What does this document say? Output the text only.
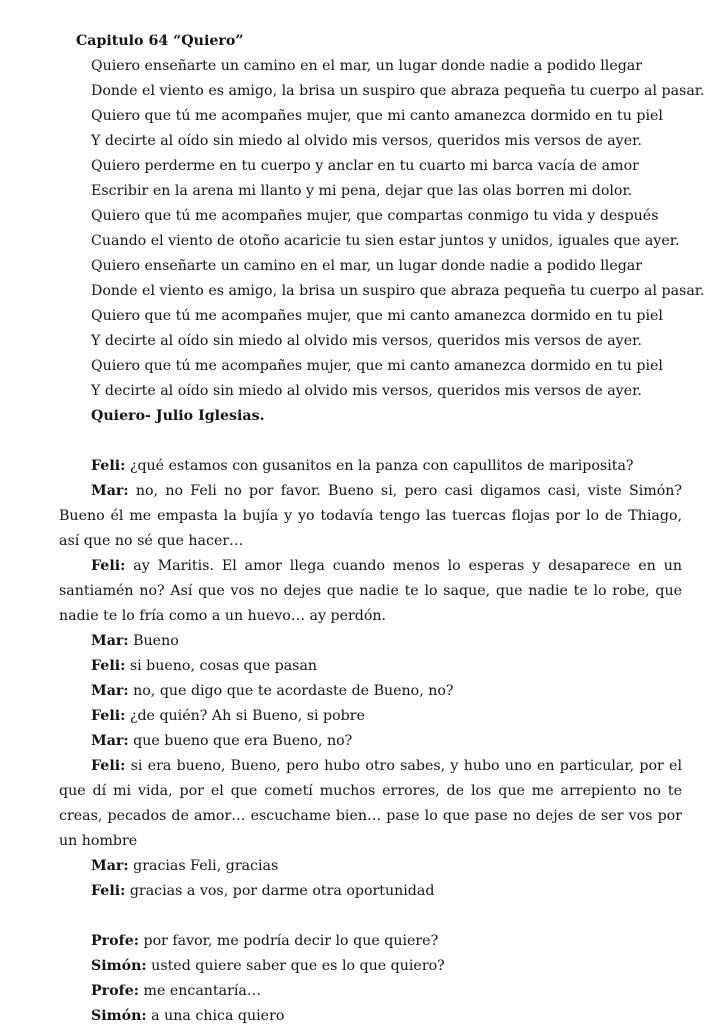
Capitulo 64 “Quiero”
Quiero enseñarte un camino en el mar, un lugar donde nadie a podido llegar
Donde el viento es amigo, la brisa un suspiro que abraza pequeña tu cuerpo al pasar.
Quiero que tú me acompañes mujer, que mi canto amanezca dormido en tu piel
Y decirte al oído sin miedo al olvido mis versos, queridos mis versos de ayer.
Quiero perderme en tu cuerpo y anclar en tu cuarto mi barca vacía de amor
Escribir en la arena mi llanto y mi pena, dejar que las olas borren mi dolor.
Quiero que tú me acompañes mujer, que compartas conmigo tu vida y después
Cuando el viento de otoño acaricie tu sien estar juntos y unidos, iguales que ayer.
Quiero enseñarte un camino en el mar, un lugar donde nadie a podido llegar
Donde el viento es amigo, la brisa un suspiro que abraza pequeña tu cuerpo al pasar.
Quiero que tú me acompañes mujer, que mi canto amanezca dormido en tu piel
Y decirte al oído sin miedo al olvido mis versos, queridos mis versos de ayer.
Quiero que tú me acompañes mujer, que mi canto amanezca dormido en tu piel
Y decirte al oído sin miedo al olvido mis versos, queridos mis versos de ayer.
Quiero- Julio Iglesias.
Feli: ¿qué estamos con gusanitos en la panza con capullitos de mariposita?
Mar: no, no Feli no por favor. Bueno si, pero casi digamos casi, viste Simón? Bueno él me empasta la bujía y yo todavía tengo las tuercas flojas por lo de Thiago, así que no sé que hacer…
Feli: ay Maritis. El amor llega cuando menos lo esperas y desaparece en un santiamén no? Así que vos no dejes que nadie te lo saque, que nadie te lo robe, que nadie te lo fría como a un huevo… ay perdón.
Mar: Bueno
Feli: si bueno, cosas que pasan
Mar: no, que digo que te acordaste de Bueno, no?
Feli: ¿de quién? Ah si Bueno, si pobre
Mar: que bueno que era Bueno, no?
Feli: si era bueno, Bueno, pero hubo otro sabes, y hubo uno en particular, por el que dí mi vida, por el que cometí muchos errores, de los que me arrepiento no te creas, pecados de amor… escuchame bien… pase lo que pase no dejes de ser vos por un hombre
Mar: gracias Feli, gracias
Feli: gracias a vos, por darme otra oportunidad
Profe: por favor, me podría decir lo que quiere?
Simón: usted quiere saber que es lo que quiero?
Profe: me encantaría…
Simón: a una chica quiero
